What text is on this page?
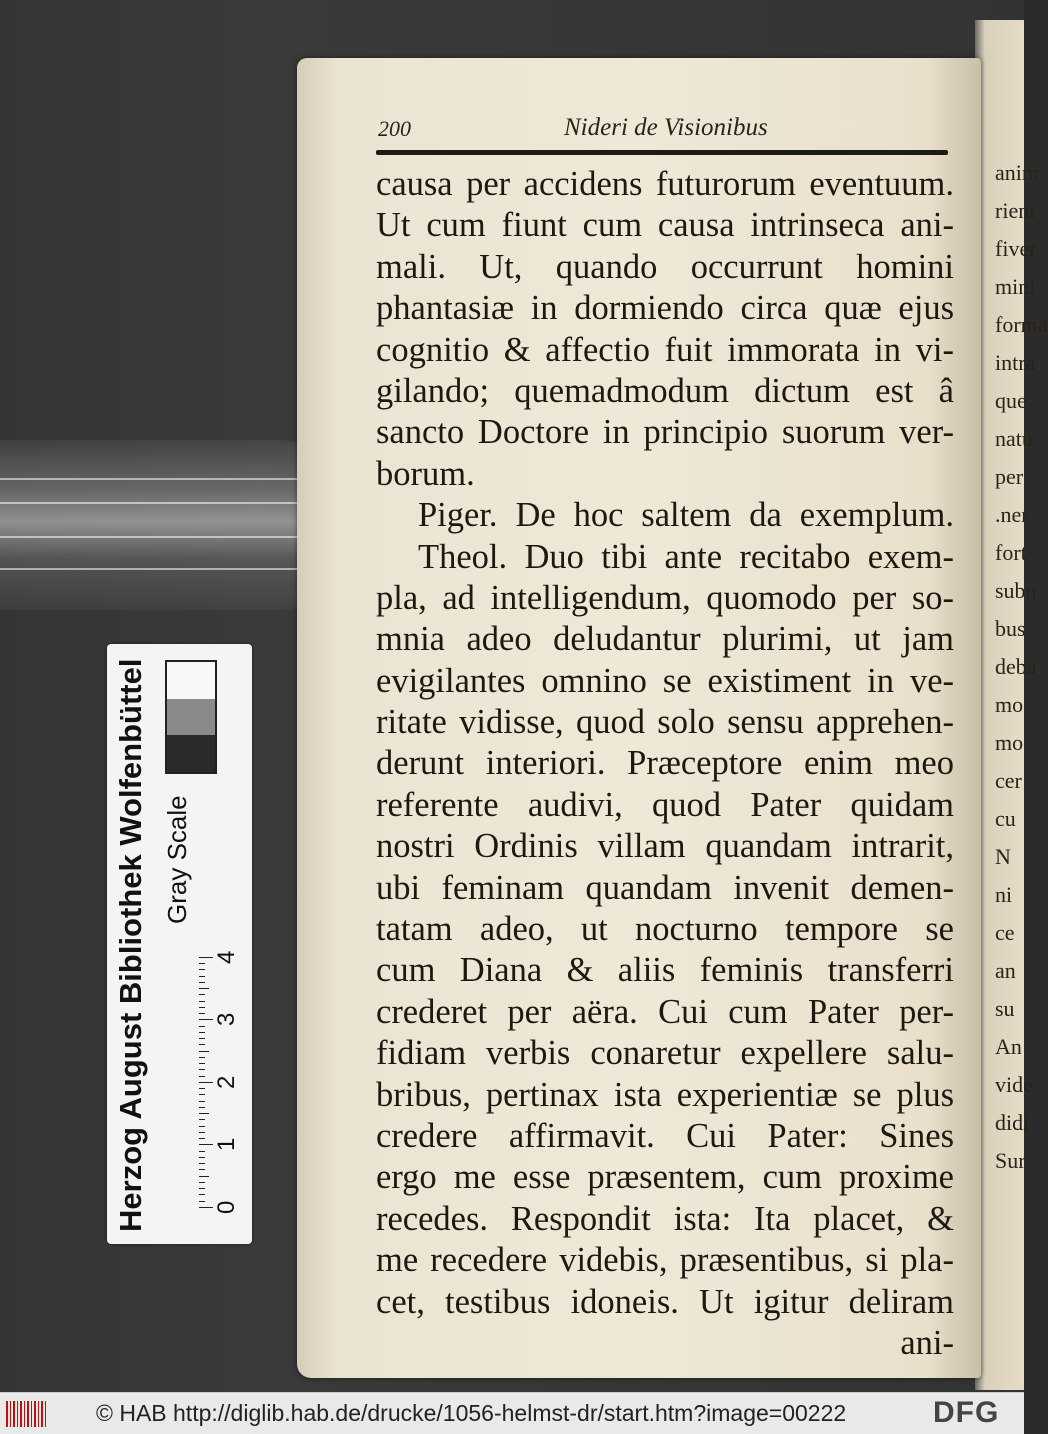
anim
rient
fiver
mini
forma
intra
que
natu
per
.ner
fort
subn
bus
deba
mo
mo
cer
cu
N
ni
ce
an
su
An
vide
didi
Sur
200	Nideri de Visionibus
causa per accidens futurorum eventuum.
Ut cum fiunt cum causa intrinseca ani-
mali. Ut, quando occurrunt homini
phantasiæ in dormiendo circa quæ ejus
cognitio & affectio fuit immorata in vi-
gilando; quemadmodum dictum est â
sancto Doctore in principio suorum ver-
borum.
Piger. De hoc saltem da exemplum.
Theol. Duo tibi ante recitabo exem-
pla, ad intelligendum, quomodo per so-
mnia adeo deludantur plurimi, ut jam
evigilantes omnino se existiment in ve-
ritate vidisse, quod solo sensu apprehen-
derunt interiori. Præceptore enim meo
referente audivi, quod Pater quidam
nostri Ordinis villam quandam intrarit,
ubi feminam quandam invenit demen-
tatam adeo, ut nocturno tempore se
cum Diana & aliis feminis transferri
crederet per aëra. Cui cum Pater per-
fidiam verbis conaretur expellere salu-
bribus, pertinax ista experientiæ se plus
credere affirmavit. Cui Pater: Sines
ergo me esse præsentem, cum proxime
recedes. Respondit ista: Ita placet, &
me recedere videbis, præsentibus, si pla-
cet, testibus idoneis. Ut igitur deliram
ani-
Herzog August Bibliothek Wolfenbüttel Gray Scale
0
1
2
3
4
© HAB http://diglib.hab.de/drucke/1056-helmst-dr/start.htm?image=00222	DFG
